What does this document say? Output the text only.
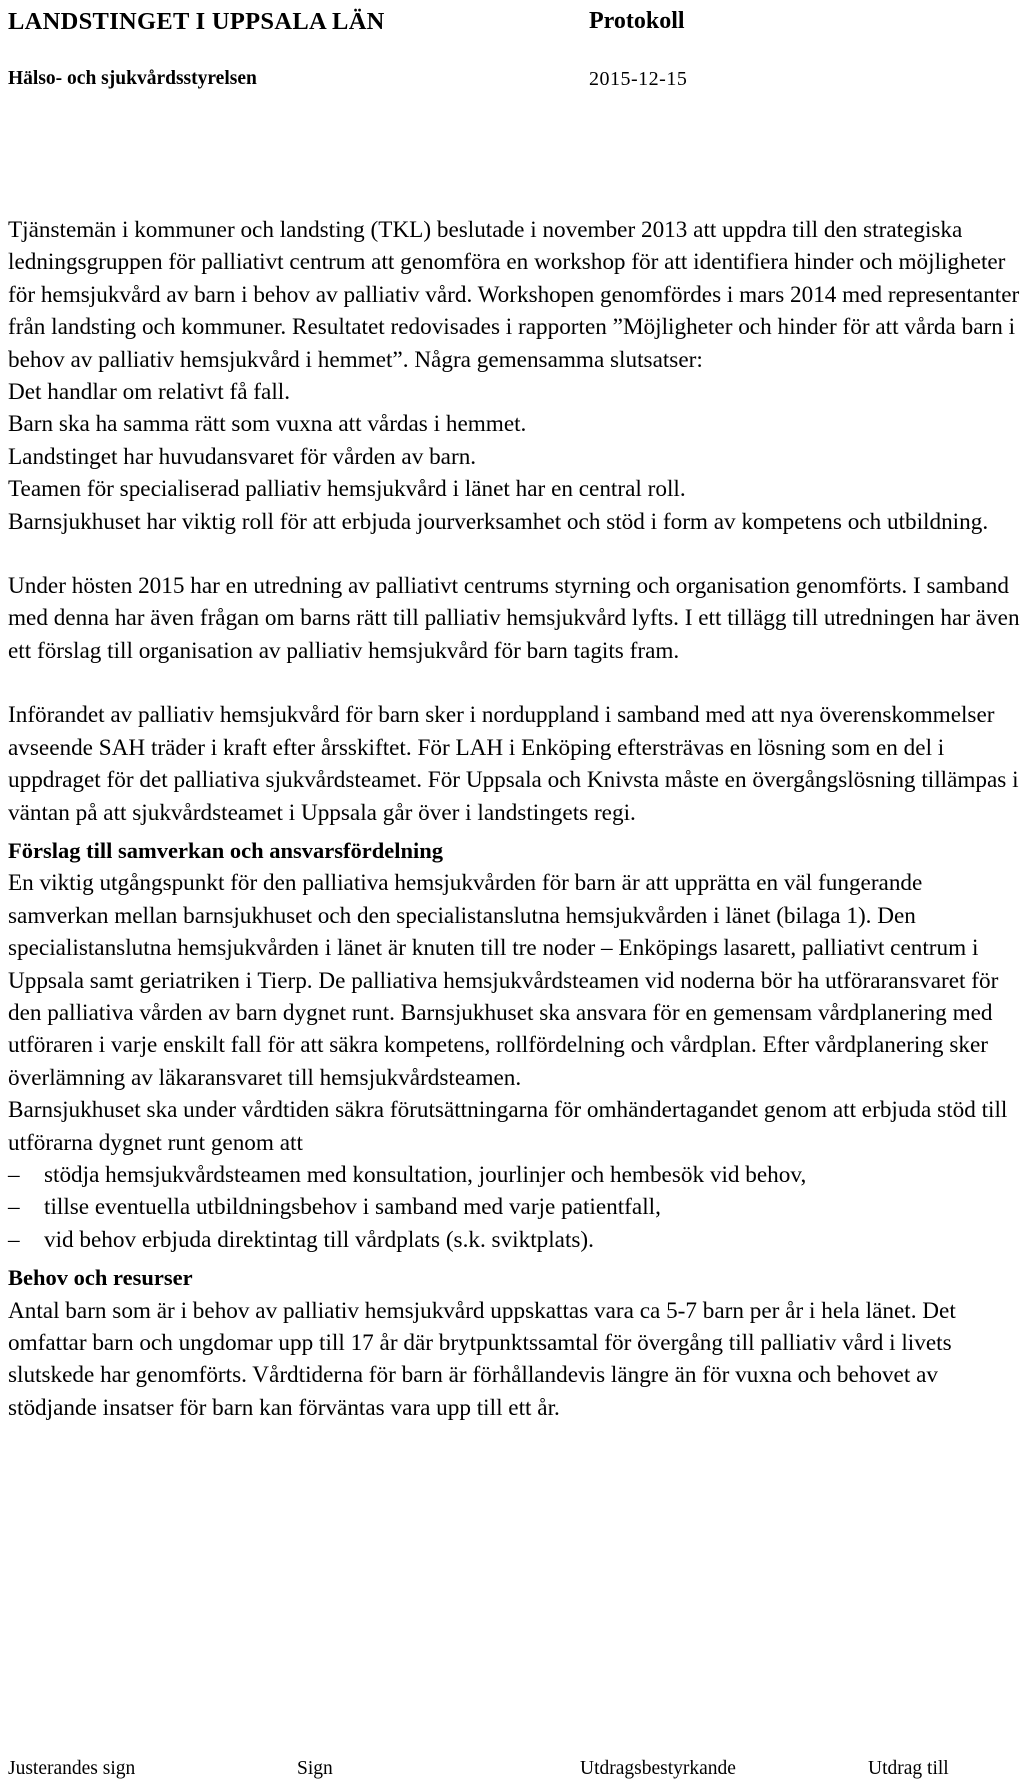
LANDSTINGET I UPPSALA LÄN	Protokoll
Hälso- och sjukvårdsstyrelsen	2015-12-15

Tjänstemän i kommuner och landsting (TKL) beslutade i november 2013 att uppdra till den strategiska ledningsgruppen för palliativt centrum att genomföra en workshop för att identifiera hinder och möjligheter för hemsjukvård av barn i behov av palliativ vård. Workshopen genomfördes i mars 2014 med representanter från landsting och kommuner. Resultatet redovisades i rapporten ”Möjligheter och hinder för att vårda barn i behov av palliativ hemsjukvård i hemmet”. Några gemensamma slutsatser:

Det handlar om relativt få fall.

Barn ska ha samma rätt som vuxna att vårdas i hemmet.

Landstinget har huvudansvaret för vården av barn.

Teamen för specialiserad palliativ hemsjukvård i länet har en central roll.

Barnsjukhuset har viktig roll för att erbjuda jourverksamhet och stöd i form av kompetens och utbildning.

Under hösten 2015 har en utredning av palliativt centrums styrning och organisation genomförts. I samband med denna har även frågan om barns rätt till palliativ hemsjukvård lyfts. I ett tillägg till utredningen har även ett förslag till organisation av palliativ hemsjukvård för barn tagits fram.

Införandet av palliativ hemsjukvård för barn sker i norduppland i samband med att nya överenskommelser avseende SAH träder i kraft efter årsskiftet. För LAH i Enköping eftersträvas en lösning som en del i uppdraget för det palliativa sjukvårdsteamet. För Uppsala och Knivsta måste en övergångslösning tillämpas i väntan på att sjukvårdsteamet i Uppsala går över i landstingets regi.

Förslag till samverkan och ansvarsfördelning

En viktig utgångspunkt för den palliativa hemsjukvården för barn är att upprätta en väl fungerande samverkan mellan barnsjukhuset och den specialistanslutna hemsjukvården i länet (bilaga 1). Den specialistanslutna hemsjukvården i länet är knuten till tre noder – Enköpings lasarett, palliativt centrum i Uppsala samt geriatriken i Tierp. De palliativa hemsjukvårdsteamen vid noderna bör ha utföraransvaret för den palliativa vården av barn dygnet runt. Barnsjukhuset ska ansvara för en gemensam vårdplanering med utföraren i varje enskilt fall för att säkra kompetens, rollfördelning och vårdplan. Efter vårdplanering sker överlämning av läkaransvaret till hemsjukvårdsteamen.

Barnsjukhuset ska under vårdtiden säkra förutsättningarna för omhändertagandet genom att erbjuda stöd till utförarna dygnet runt genom att

–	stödja hemsjukvårdsteamen med konsultation, jourlinjer och hembesök vid behov,
–	tillse eventuella utbildningsbehov i samband med varje patientfall,
–	vid behov erbjuda direktintag till vårdplats (s.k. sviktplats).

Behov och resurser

Antal barn som är i behov av palliativ hemsjukvård uppskattas vara ca 5-7 barn per år i hela länet. Det omfattar barn och ungdomar upp till 17 år där brytpunktssamtal för övergång till palliativ vård i livets slutskede har genomförts. Vårdtiderna för barn är förhållandevis längre än för vuxna och behovet av stödjande insatser för barn kan förväntas vara upp till ett år.

Justerandes sign	Sign	Utdragsbestyrkande	Utdrag till
